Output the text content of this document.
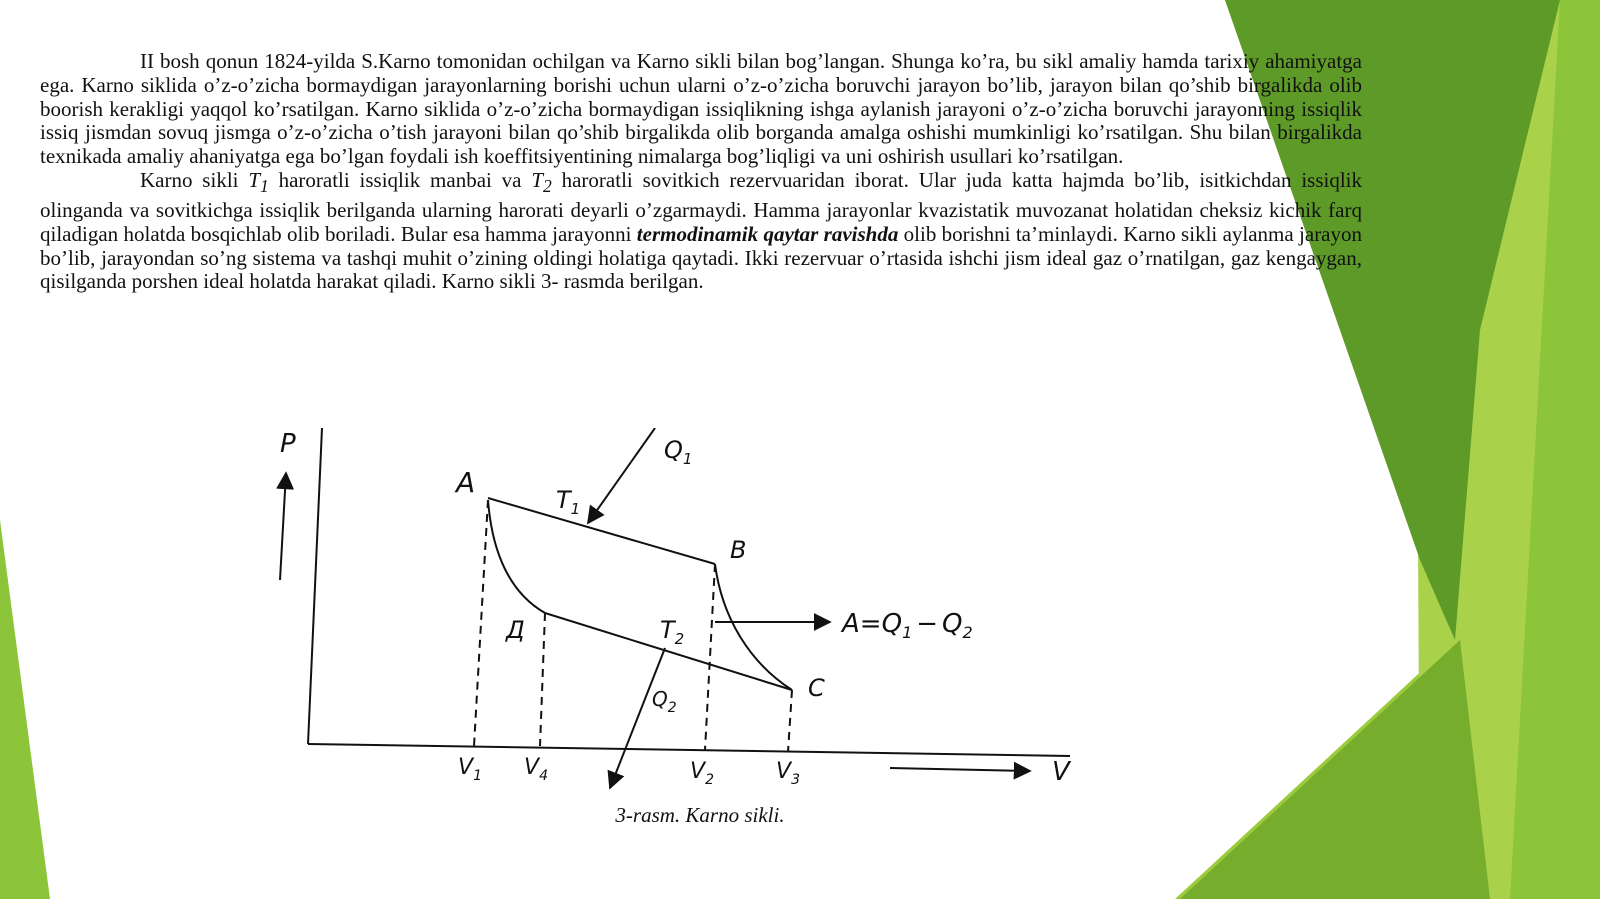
II bosh qonun 1824-yilda S.Karno tomonidan ochilgan va Karno sikli bilan bog’langan. Shunga ko’ra, bu sikl amaliy hamda tarixiy ahamiyatga ega. Karno siklida o’z-o’zicha bormaydigan jarayonlarning borishi uchun ularni o’z-o’zicha boruvchi jarayon bo’lib, jarayon bilan qo’shib birgalikda olib boorish kerakligi yaqqol ko’rsatilgan. Karno siklida o’z-o’zicha bormaydigan issiqlikning ishga aylanish jarayoni o’z-o’zicha boruvchi jarayonning issiqlik issiq jismdan sovuq jismga o’z-o’zicha o’tish jarayoni bilan qo’shib birgalikda olib borganda amalga oshishi mumkinligi ko’rsatilgan. Shu bilan birgalikda texnikada amaliy ahaniyatga ega bo’lgan foydali ish koeffitsiyentining nimalarga bog’liqligi va uni oshirish usullari ko’rsatilgan.

Karno sikli $T_1$ haroratli issiqlik manbai va $T_2$ haroratli sovitkich rezervuaridan iborat. Ular juda katta hajmda bo’lib, isitkichdan issiqlik olinganda va sovitkichga issiqlik berilganda ularning harorati deyarli o’zgarmaydi. Hamma jarayonlar kvazistatik muvozanat holatidan cheksiz kichik farq qiladigan holatda bosqichlab olib boriladi. Bular esa hamma jarayonni termodinamik qaytar ravishda olib borishni ta’minlaydi. Karno sikli aylanma jarayon bo’lib, jarayondan so’ng sistema va tashqi muhit o’zining oldingi holatiga qaytadi. Ikki rezervuar o’rtasida ishchi jism ideal gaz o’rnatilgan, gaz kengaygan, qisilganda porshen ideal holatda harakat qiladi. Karno sikli 3- rasmda berilgan.

P
V
A
B
C
Д
$Q_1$
$T_1$
$T_2$
$Q_2$
$A=Q_1 - Q_2$
$V_1$ $V_4$	$V_2$	$V_3$
3-rasm. Karno sikli.
